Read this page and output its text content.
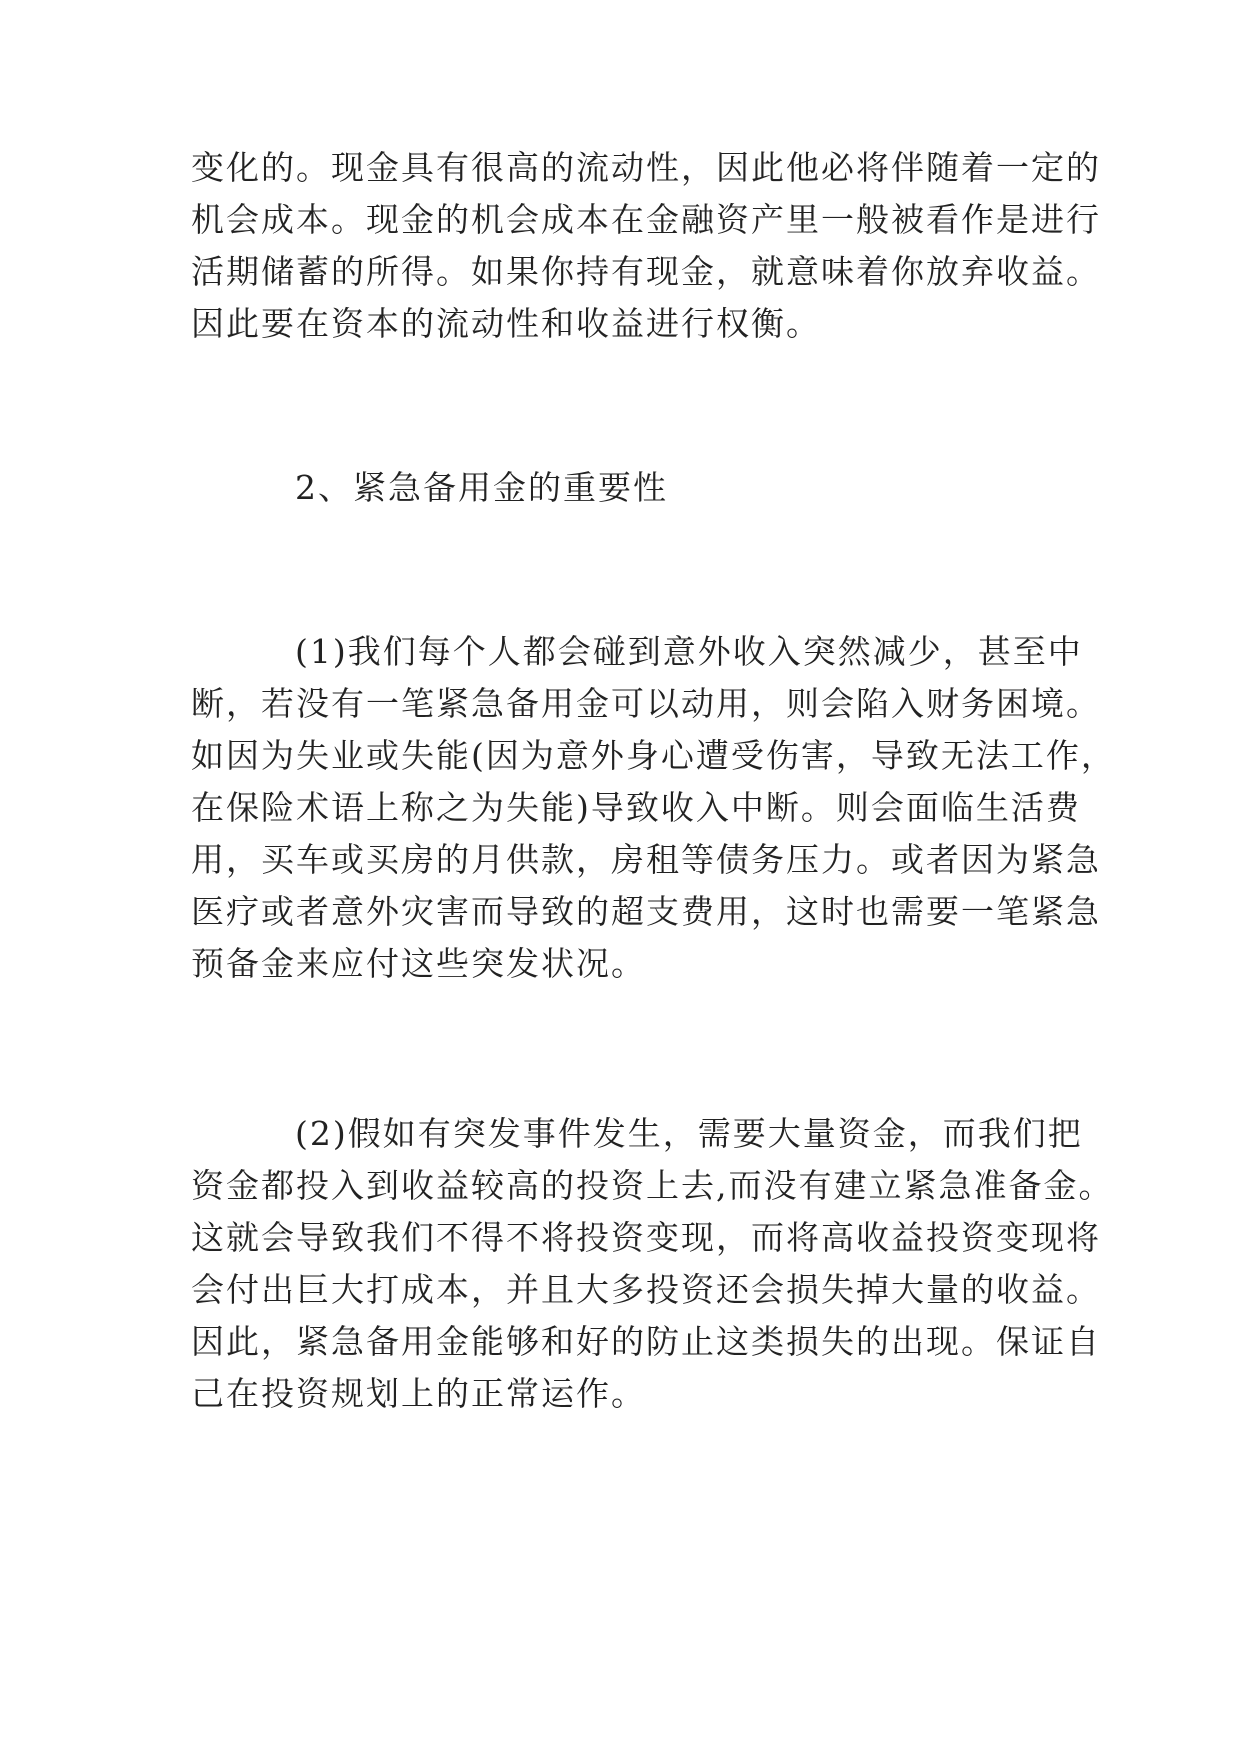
变化的。现金具有很高的流动性，因此他必将伴随着一定的

机会成本。现金的机会成本在金融资产里一般被看作是进行

活期储蓄的所得。如果你持有现金，就意味着你放弃收益。

因此要在资本的流动性和收益进行权衡。

2、紧急备用金的重要性

(1)我们每个人都会碰到意外收入突然减少，甚至中

断，若没有一笔紧急备用金可以动用，则会陷入财务困境。

如因为失业或失能(因为意外身心遭受伤害，导致无法工作，

在保险术语上称之为失能)导致收入中断。则会面临生活费

用，买车或买房的月供款，房租等债务压力。或者因为紧急

医疗或者意外灾害而导致的超支费用，这时也需要一笔紧急

预备金来应付这些突发状况。

(2)假如有突发事件发生，需要大量资金，而我们把

资金都投入到收益较高的投资上去,而没有建立紧急准备金。

这就会导致我们不得不将投资变现，而将高收益投资变现将

会付出巨大打成本，并且大多投资还会损失掉大量的收益。

因此，紧急备用金能够和好的防止这类损失的出现。保证自

己在投资规划上的正常运作。
